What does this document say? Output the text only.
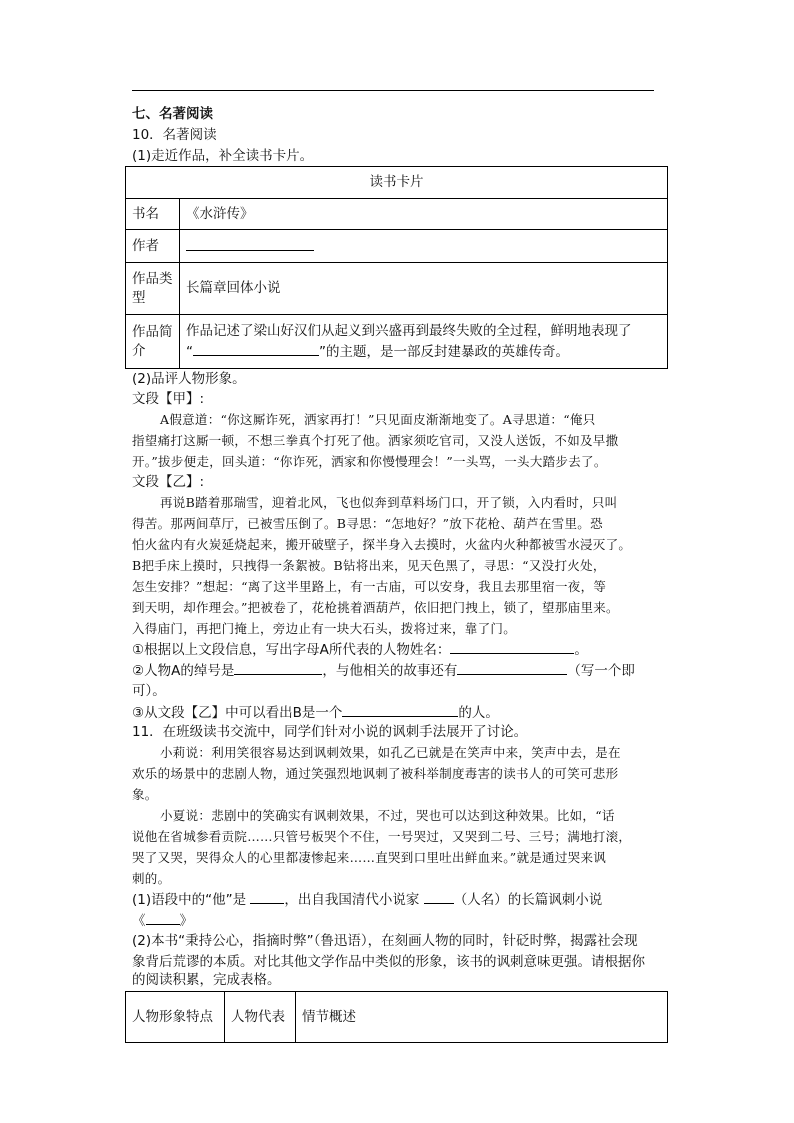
七、名著阅读
10．名著阅读
(1)走近作品，补全读书卡片。
读书卡片	
书名	《水浒传》
作者	
作品类型	长篇章回体小说
作品简介	作品记述了梁山好汉们从起义到兴盛再到最终失败的全过程，鲜明地表现了
“ ”的主题，是一部反封建暴政的英雄传奇。
(2)品评人物形象。
文段【甲】:
A假意道：“你这厮诈死，洒家再打！”只见面皮渐渐地变了。A寻思道：“俺只
指望痛打这厮一顿，不想三拳真个打死了他。洒家须吃官司，又没人送饭，不如及早撒
开。”拔步便走，回头道：“你诈死，洒家和你慢慢理会！”一头骂，一头大踏步去了。
文段【乙】:
再说B踏着那瑞雪，迎着北风，飞也似奔到草料场门口，开了锁，入内看时，只叫
得苦。那两间草厅，已被雪压倒了。B寻思：“怎地好？”放下花枪、葫芦在雪里。恐
怕火盆内有火炭延烧起来，搬开破壁子，探半身入去摸时，火盆内火种都被雪水浸灭了。
B把手床上摸时，只拽得一条絮被。B钻将出来，见天色黑了，寻思：“又没打火处，
怎生安排？”想起：“离了这半里路上，有一古庙，可以安身，我且去那里宿一夜，等
到天明，却作理会。”把被卷了，花枪挑着酒葫芦，依旧把门拽上，锁了，望那庙里来。
入得庙门，再把门掩上，旁边止有一块大石头，拨将过来，靠了门。
①根据以上文段信息，写出字母A所代表的人物姓名：	。
②人物A的绰号是	，与他相关的故事还有	（写一个即
可）。
③从文段【乙】中可以看出B是一个	的人。
11．在班级读书交流中，同学们针对小说的讽刺手法展开了讨论。
小莉说：利用笑很容易达到讽刺效果，如孔乙已就是在笑声中来，笑声中去，是在
欢乐的场景中的悲剧人物，通过笑强烈地讽刺了被科举制度毒害的读书人的可笑可悲形
象。
小夏说：悲剧中的笑确实有讽刺效果，不过，哭也可以达到这种效果。比如，“话
说他在省城参看贡院……只管号板哭个不住，一号哭过，又哭到二号、三号；满地打滚，
哭了又哭，哭得众人的心里都凄惨起来……直哭到口里吐出鲜血来。”就是通过哭来讽
刺的。
(1)语段中的“他”是	，出自我国清代小说家	（人名）的长篇讽刺小说
《	》
(2)本书“秉持公心，指摘时弊”（鲁迅语），在刻画人物的同时，针砭时弊，揭露社会现
象背后荒谬的本质。对比其他文学作品中类似的形象，该书的讽刺意味更强。请根据你
的阅读积累，完成表格。
人物形象特点	人物代表	情节概述
